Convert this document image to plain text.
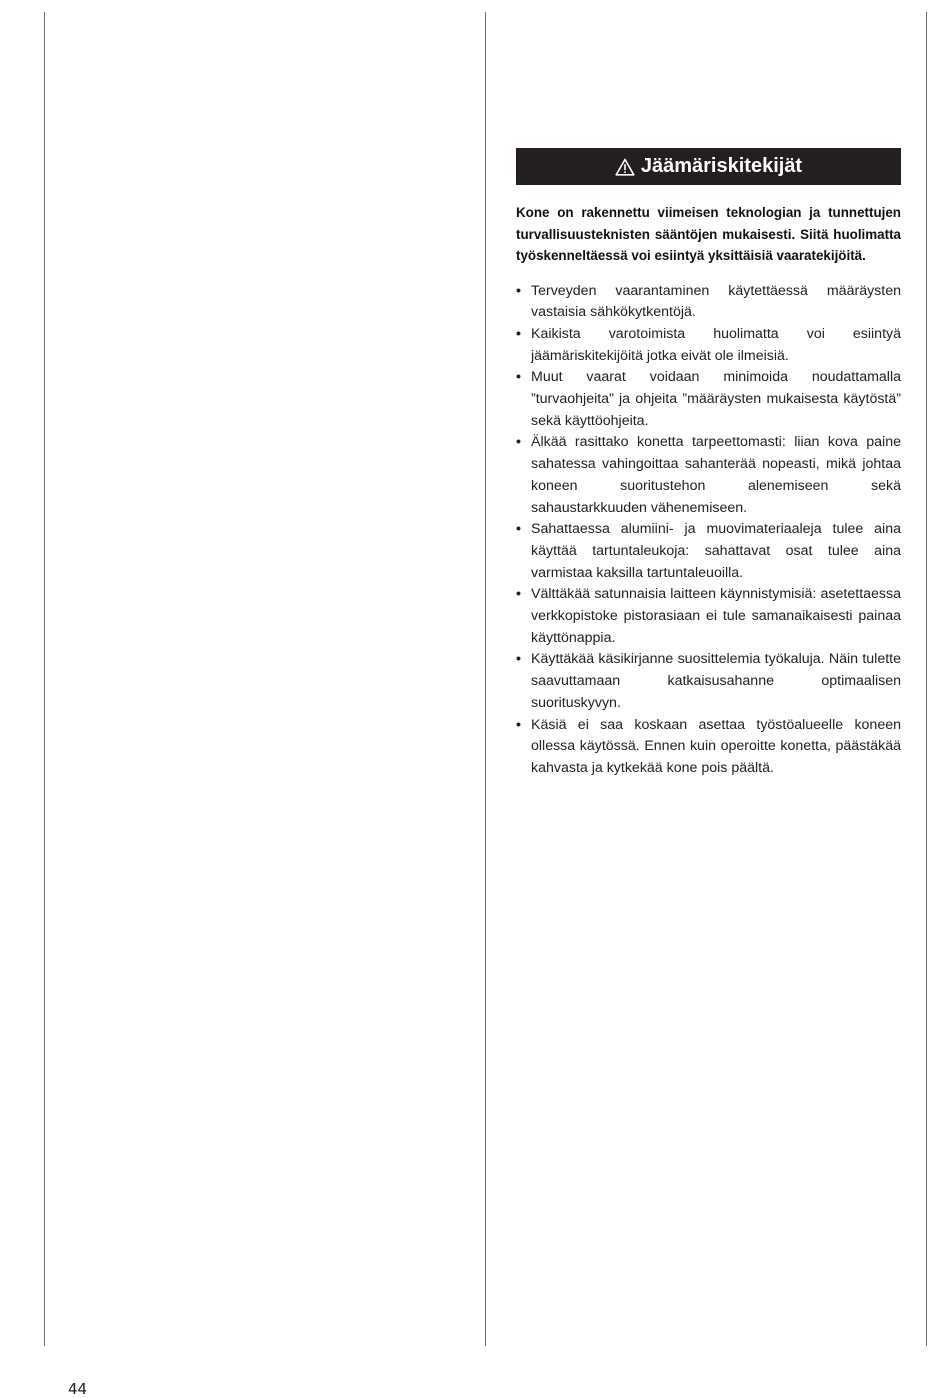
Jäämäriskitekijät

Kone on rakennettu viimeisen teknologian ja tunnettujen turvallisuusteknisten sääntöjen mukaisesti. Siitä huolimatta työskenneltäessä voi esiintyä yksittäisiä vaaratekijöitä.

• Terveyden vaarantaminen käytettäessä määräysten vastaisia sähkökytkentöjä.
• Kaikista varotoimista huolimatta voi esiintyä jäämäriskitekijöitä jotka eivät ole ilmeisiä.
• Muut vaarat voidaan minimoida noudattamalla ”turvaohjeita” ja ohjeita ”määräysten mukaisesta käytöstä” sekä käyttöohjeita.
• Älkää rasittako konetta tarpeettomasti: liian kova paine sahatessa vahingoittaa sahanterää nopeasti, mikä johtaa koneen suoritustehon alenemiseen sekä sahaustarkkuuden vähenemiseen.
• Sahattaessa alumiini- ja muovimateriaaleja tulee aina käyttää tartuntaleukoja: sahattavat osat tulee aina varmistaa kaksilla tartuntaleuoilla.
• Välttäkää satunnaisia laitteen käynnistymisiä: asetettaessa verkkopistoke pistorasiaan ei tule samanaikaisesti painaa käyttönappia.
• Käyttäkää käsikirjanne suosittelemia työkaluja. Näin tulette saavuttamaan katkaisusahanne optimaalisen suorituskyvyn.
• Käsiä ei saa koskaan asettaa työstöalueelle koneen ollessa käytössä. Ennen kuin operoitte konetta, päästäkää kahvasta ja kytkekää kone pois päältä.
44
